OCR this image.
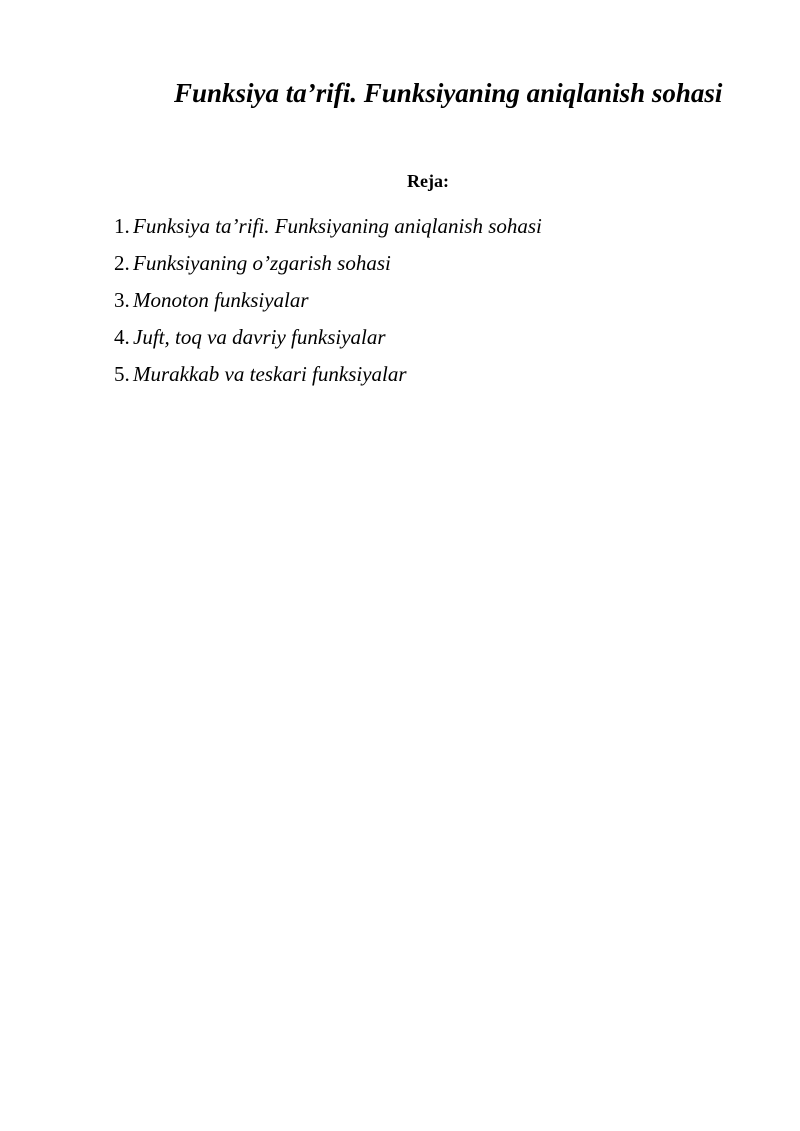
Funksiya ta’rifi. Funksiyaning aniqlanish sohasi
Reja:
1. Funksiya ta’rifi. Funksiyaning aniqlanish sohasi
2. Funksiyaning o’zgarish sohasi
3. Monoton funksiyalar
4. Juft, toq va davriy funksiyalar
5. Murakkab va teskari funksiyalar
